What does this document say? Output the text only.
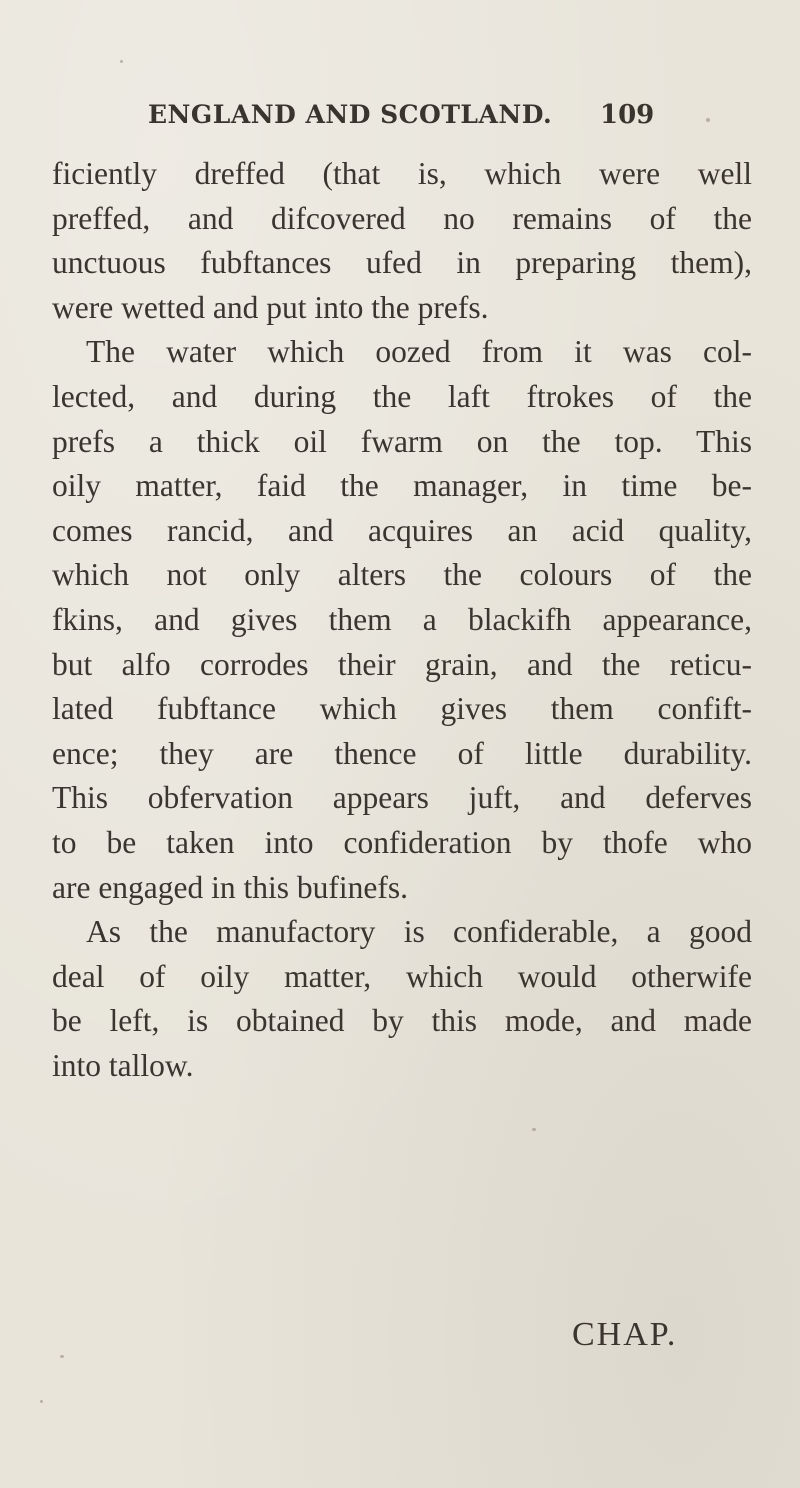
ENGLAND AND SCOTLAND.	109
ficiently dreffed (that is, which were well
preffed, and difcovered no remains of the
unctuous fubftances ufed in preparing them),
were wetted and put into the prefs.
The water which oozed from it was col-
lected, and during the laft ftrokes of the
prefs a thick oil fwarm on the top. This
oily matter, faid the manager, in time be-
comes rancid, and acquires an acid quality,
which not only alters the colours of the
fkins, and gives them a blackifh appearance,
but alfo corrodes their grain, and the reticu-
lated fubftance which gives them confift-
ence; they are thence of little durability.
This obfervation appears juft, and deferves
to be taken into confideration by thofe who
are engaged in this bufinefs.
As the manufactory is confiderable, a good
deal of oily matter, which would otherwife
be left, is obtained by this mode, and made
into tallow.
CHAP.
